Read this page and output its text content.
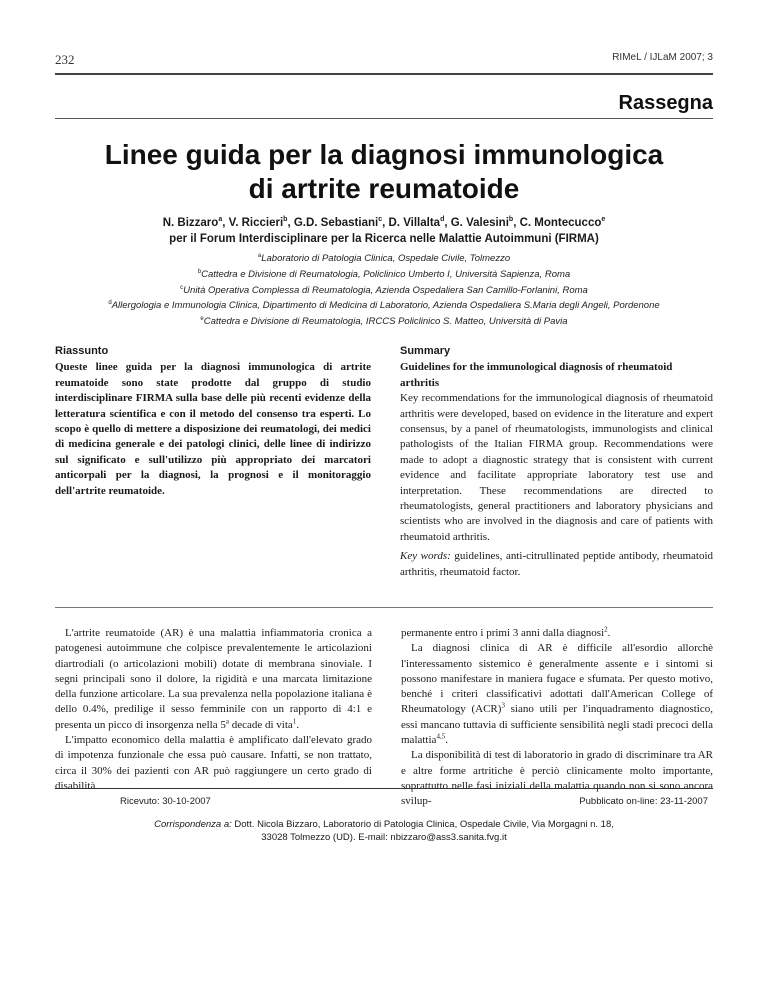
232	RIMeL / IJLaM 2007; 3
Rassegna
Linee guida per la diagnosi immunologica
di artrite reumatoide
N. Bizzaro$^a$, V. Riccieri$^b$, G.D. Sebastiani$^c$, D. Villalta$^d$, G. Valesini$^b$, C. Montecucco$^e$
per il Forum Interdisciplinare per la Ricerca nelle Malattie Autoimmuni (FIRMA)
$^a$Laboratorio di Patologia Clinica, Ospedale Civile, Tolmezzo
$^b$Cattedra e Divisione di Reumatologia, Policlinico Umberto I, Università Sapienza, Roma
$^c$Unità Operativa Complessa di Reumatologia, Azienda Ospedaliera San Camillo-Forlanini, Roma
$^d$Allergologia e Immunologia Clinica, Dipartimento di Medicina di Laboratorio, Azienda Ospedaliera S.Maria degli Angeli, Pordenone
$^e$Cattedra e Divisione di Reumatologia, IRCCS Policlinico S. Matteo, Università di Pavia
Riassunto
Queste linee guida per la diagnosi immunologica di artrite reumatoide sono state prodotte dal gruppo di studio interdisciplinare FIRMA sulla base delle più recenti evidenze della letteratura scientifica e con il metodo del consenso tra esperti. Lo scopo è quello di mettere a disposizione dei reumatologi, dei medici di medicina generale e dei patologi clinici, delle linee di indirizzo sul significato e sull'utilizzo più appropriato dei marcatori anticorpali per la diagnosi, la prognosi e il monitoraggio dell'artrite reumatoide.
Summary
Guidelines for the immunological diagnosis of rheumatoid arthritis
Key recommendations for the immunological diagnosis of rheumatoid arthritis were developed, based on evidence in the literature and expert consensus, by a panel of rheumatologists, immunologists and clinical pathologists of the Italian FIRMA group. Recommendations were made to adopt a diagnostic strategy that is consistent with current evidence and facilitate appropriate laboratory test use and interpretation. These recommendations are directed to rheumatologists, general practitioners and laboratory physicians and scientists who are involved in the diagnosis and care of patients with rheumatoid arthritis.
Key words: guidelines, anti-citrullinated peptide antibody, rheumatoid arthritis, rheumatoid factor.

L'artrite reumatoide (AR) è una malattia infiammatoria cronica a patogenesi autoimmune che colpisce prevalentemente le articolazioni diartrodiali (o articolazioni mobili) dotate di membrana sinoviale. I segni principali sono il dolore, la rigidità e una marcata limitazione della funzione articolare. La sua prevalenza nella popolazione italiana è dello 0.4%, predilige il sesso femminile con un rapporto di 4:1 e presenta un picco di insorgenza nella 5$^a$ decade di vita$^1$.

L'impatto economico della malattia è amplificato dall'elevato grado di impotenza funzionale che essa può causare. Infatti, se non trattato, circa il 30% dei pazienti con AR può raggiungere un certo grado di disabilità

permanente entro i primi 3 anni dalla diagnosi$^2$.

La diagnosi clinica di AR è difficile all'esordio allorchè l'interessamento sistemico è generalmente assente e i sintomi si possono manifestare in maniera fugace e sfumata. Per questo motivo, benché i criteri classificativi adottati dall'American College of Rheumatology (ACR)$^3$ siano utili per l'inquadramento diagnostico, essi mancano tuttavia di sufficiente sensibilità negli stadi precoci della malattia$^{4,5}$.

La disponibilità di test di laboratorio in grado di discriminare tra AR e altre forme artritiche è perciò clinicamente molto importante, soprattutto nelle fasi iniziali della malattia quando non si sono ancora svilup-

Ricevuto: 30-10-2007	Pubblicato on-line: 23-11-2007
Corrispondenza a: Dott. Nicola Bizzaro, Laboratorio di Patologia Clinica, Ospedale Civile, Via Morgagni n. 18,
33028 Tolmezzo (UD). E-mail: nbizzaro@ass3.sanita.fvg.it
